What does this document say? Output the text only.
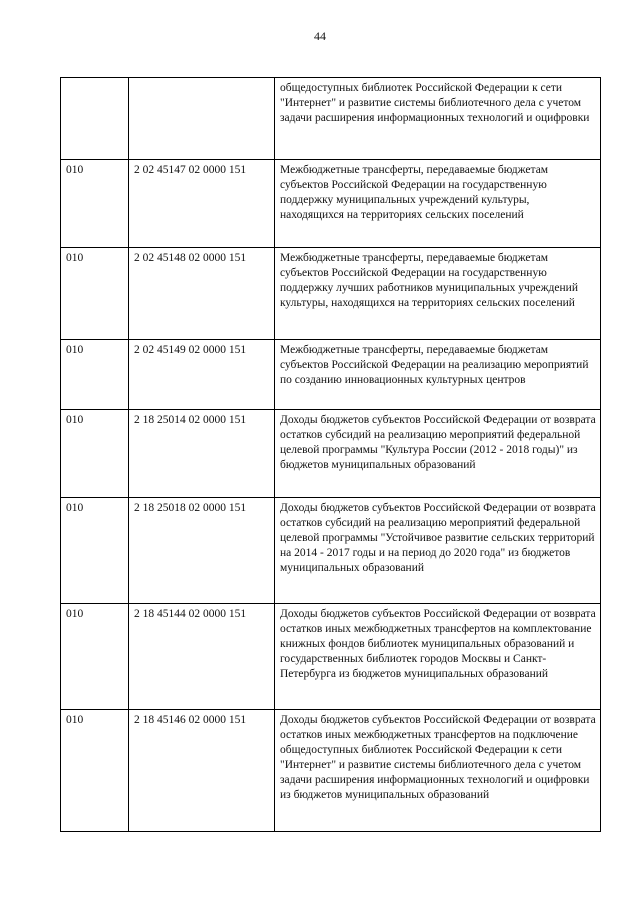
44
		общедоступных библиотек Российской Федерации к сети "Интернет" и развитие системы библиотечного дела с учетом задачи расширения информационных технологий и оцифровки
010	2 02 45147 02 0000 151	Межбюджетные трансферты, передаваемые бюджетам субъектов Российской Федерации на государственную поддержку муниципальных учреждений культуры, находящихся на территориях сельских поселений
010	2 02 45148 02 0000 151	Межбюджетные трансферты, передаваемые бюджетам субъектов Российской Федерации на государственную поддержку лучших работников муниципальных учреждений культуры, находящихся на территориях сельских поселений
010	2 02 45149 02 0000 151	Межбюджетные трансферты, передаваемые бюджетам субъектов Российской Федерации на реализацию мероприятий по созданию инновационных культурных центров
010	2 18 25014 02 0000 151	Доходы бюджетов субъектов Российской Федерации от возврата остатков субсидий на реализацию мероприятий федеральной целевой программы "Культура России (2012 - 2018 годы)" из бюджетов муниципальных образований
010	2 18 25018 02 0000 151	Доходы бюджетов субъектов Российской Федерации от возврата остатков субсидий на реализацию мероприятий федеральной целевой программы "Устойчивое развитие сельских территорий на 2014 - 2017 годы и на период до 2020 года" из бюджетов муниципальных образований
010	2 18 45144 02 0000 151	Доходы бюджетов субъектов Российской Федерации от возврата остатков иных межбюджетных трансфертов на комплектование книжных фондов библиотек муниципальных образований и государственных библиотек городов Москвы и Санкт-Петербурга из бюджетов муниципальных образований
010	2 18 45146 02 0000 151	Доходы бюджетов субъектов Российской Федерации от возврата остатков иных межбюджетных трансфертов на подключение общедоступных библиотек Российской Федерации к сети "Интернет" и развитие системы библиотечного дела с учетом задачи расширения информационных технологий и оцифровки из бюджетов муниципальных образований
